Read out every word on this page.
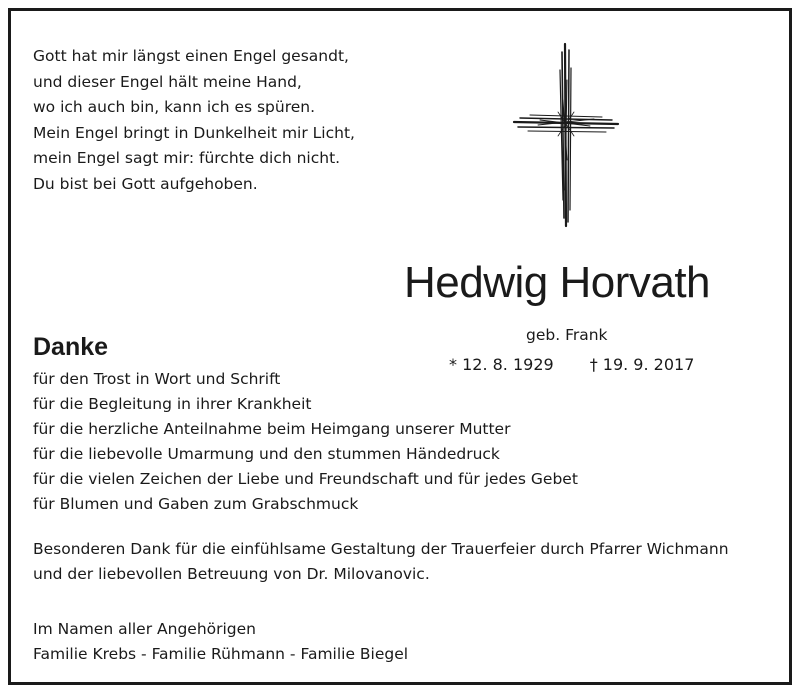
Gott hat mir längst einen Engel gesandt,
und dieser Engel hält meine Hand,
wo ich auch bin, kann ich es spüren.
Mein Engel bringt in Dunkelheit mir Licht,
mein Engel sagt mir: fürchte dich nicht.
Du bist bei Gott aufgehoben.
Hedwig Horvath
geb. Frank
* 12. 8. 1929 † 19. 9. 2017
Danke
für den Trost in Wort und Schrift
für die Begleitung in ihrer Krankheit
für die herzliche Anteilnahme beim Heimgang unserer Mutter
für die liebevolle Umarmung und den stummen Händedruck
für die vielen Zeichen der Liebe und Freundschaft und für jedes Gebet
für Blumen und Gaben zum Grabschmuck
Besonderen Dank für die einfühlsame Gestaltung der Trauerfeier durch Pfarrer Wichmann
und der liebevollen Betreuung von Dr. Milovanovic.
Im Namen aller Angehörigen
Familie Krebs - Familie Rühmann - Familie Biegel
